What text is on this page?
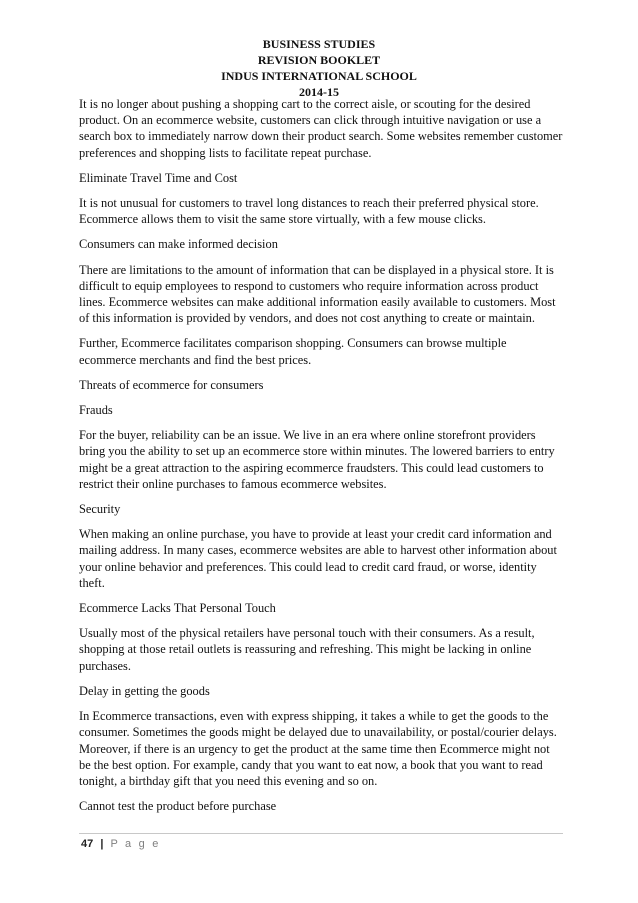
BUSINESS STUDIES
REVISION BOOKLET
INDUS INTERNATIONAL SCHOOL
2014-15

It is no longer about pushing a shopping cart to the correct aisle, or scouting for the desired product. On an ecommerce website, customers can click through intuitive navigation or use a search box to immediately narrow down their product search. Some websites remember customer preferences and shopping lists to facilitate repeat purchase.

Eliminate Travel Time and Cost

It is not unusual for customers to travel long distances to reach their preferred physical store. Ecommerce allows them to visit the same store virtually, with a few mouse clicks.

Consumers can make informed decision

There are limitations to the amount of information that can be displayed in a physical store. It is difficult to equip employees to respond to customers who require information across product lines. Ecommerce websites can make additional information easily available to customers. Most of this information is provided by vendors, and does not cost anything to create or maintain.

Further, Ecommerce facilitates comparison shopping. Consumers can browse multiple ecommerce merchants and find the best prices.

Threats of ecommerce for consumers

Frauds

For the buyer, reliability can be an issue. We live in an era where online storefront providers bring you the ability to set up an ecommerce store within minutes. The lowered barriers to entry might be a great attraction to the aspiring ecommerce fraudsters. This could lead customers to restrict their online purchases to famous ecommerce websites.

Security

When making an online purchase, you have to provide at least your credit card information and mailing address. In many cases, ecommerce websites are able to harvest other information about your online behavior and preferences. This could lead to credit card fraud, or worse, identity theft.

Ecommerce Lacks That Personal Touch

Usually most of the physical retailers have personal touch with their consumers. As a result, shopping at those retail outlets is reassuring and refreshing. This might be lacking in online purchases.

Delay in getting the goods

In Ecommerce transactions, even with express shipping, it takes a while to get the goods to the consumer. Sometimes the goods might be delayed due to unavailability, or postal/courier delays. Moreover, if there is an urgency to get the product at the same time then Ecommerce might not be the best option. For example, candy that you want to eat now, a book that you want to read tonight, a birthday gift that you need this evening and so on.

Cannot test the product before purchase

47 | P a g e
